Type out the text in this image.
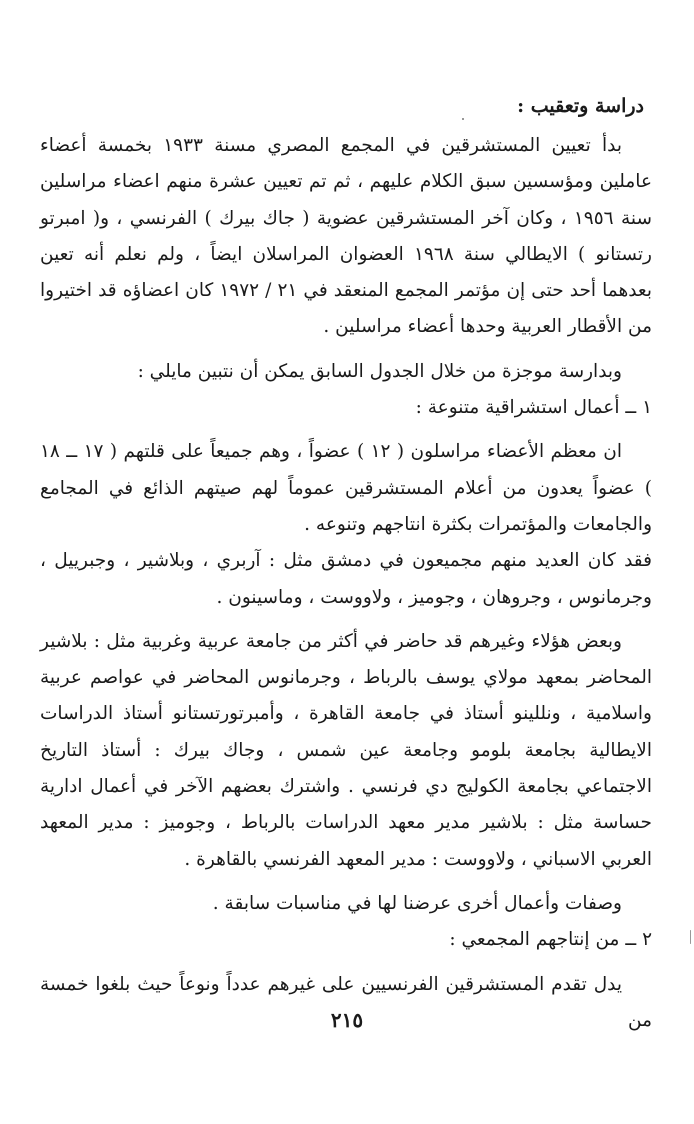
دراسة وتعقيب :

بدأ تعيين المستشرقين في المجمع المصري مسنة ١٩٣٣ بخمسة أعضاء عاملين ومؤسسين سبق الكلام عليهم ، ثم تم تعيين عشرة منهم اعضاء مراسلين سنة ١٩٥٦ ، وكان آخر المستشرقين عضوية ( جاك بيرك ) الفرنسي ، و( امبرتو رتستانو ) الايطالي سنة ١٩٦٨ العضوان المراسلان ايضاً ، ولم نعلم أنه تعين بعدهما أحد حتى إن مؤتمر المجمع المنعقد في ٢١ / ١٩٧٢ كان اعضاؤه قد اختيروا من الأقطار العربية وحدها أعضاء مراسلين .

وبدارسة موجزة من خلال الجدول السابق يمكن أن نتبين مايلي :

١ ــ أعمال استشراقية متنوعة :

ان معظم الأعضاء مراسلون ( ١٢ ) عضواً ، وهم جميعاً على قلتهم ( ١٧ ــ ١٨ ) عضواً يعدون من أعلام المستشرقين عموماً لهم صيتهم الذائع في المجامع والجامعات والمؤتمرات بكثرة انتاجهم وتنوعه .

فقد كان العديد منهم مجميعون في دمشق مثل : آربري ، وبلاشير ، وجبرييل ، وجرمانوس ، وجروهان ، وجوميز ، ولاووست ، وماسينون .

وبعض هؤلاء وغيرهم قد حاضر في أكثر من جامعة عربية وغربية مثل : بلاشير المحاضر بمعهد مولاي يوسف بالرباط ، وجرمانوس المحاضر في عواصم عربية واسلامية ، ونللينو أستاذ في جامعة القاهرة ، وأمبرتورتستانو أستاذ الدراسات الايطالية بجامعة بلومو وجامعة عين شمس ، وجاك بيرك : أستاذ التاريخ الاجتماعي بجامعة الكوليج دي فرنسي . واشترك بعضهم الآخر في أعمال ادارية حساسة مثل : بلاشير مدير معهد الدراسات بالرباط ، وجوميز : مدير المعهد العربي الاسباني ، ولاووست : مدير المعهد الفرنسي بالقاهرة .

وصفات وأعمال أخرى عرضنا لها في مناسبات سابقة .

٢ ــ من إنتاجهم المجمعي :

يدل تقدم المستشرقين الفرنسيين على غيرهم عدداً ونوعاً حيث بلغوا خمسة من

٢١٥
